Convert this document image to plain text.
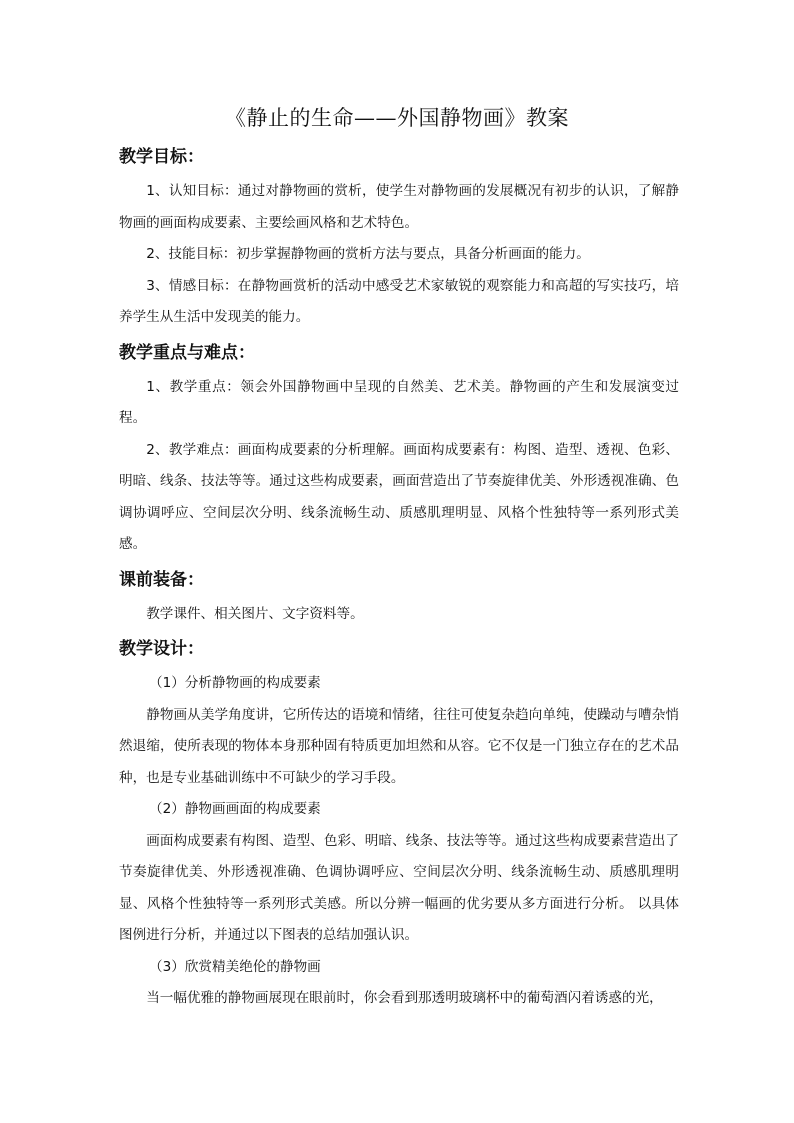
《静止的生命——外国静物画》教案
教学目标：

1、认知目标：通过对静物画的赏析，使学生对静物画的发展概况有初步的认识，了解静物画的画面构成要素、主要绘画风格和艺术特色。

2、技能目标：初步掌握静物画的赏析方法与要点，具备分析画面的能力。

3、情感目标：在静物画赏析的活动中感受艺术家敏锐的观察能力和高超的写实技巧，培养学生从生活中发现美的能力。

教学重点与难点：

1、教学重点：领会外国静物画中呈现的自然美、艺术美。静物画的产生和发展演变过程。

2、教学难点：画面构成要素的分析理解。画面构成要素有：构图、造型、透视、色彩、明暗、线条、技法等等。通过这些构成要素，画面营造出了节奏旋律优美、外形透视准确、色调协调呼应、空间层次分明、线条流畅生动、质感肌理明显、风格个性独特等一系列形式美感。

课前装备：

教学课件、相关图片、文字资料等。

教学设计：

（1）分析静物画的构成要素

静物画从美学角度讲，它所传达的语境和情绪，往往可使复杂趋向单纯，使躁动与嘈杂悄然退缩，使所表现的物体本身那种固有特质更加坦然和从容。它不仅是一门独立存在的艺术品种，也是专业基础训练中不可缺少的学习手段。

（2）静物画画面的构成要素

画面构成要素有构图、造型、色彩、明暗、线条、技法等等。通过这些构成要素营造出了节奏旋律优美、外形透视准确、色调协调呼应、空间层次分明、线条流畅生动、质感肌理明显、风格个性独特等一系列形式美感。所以分辨一幅画的优劣要从多方面进行分析。 以具体图例进行分析，并通过以下图表的总结加强认识。

（3）欣赏精美绝伦的静物画

当一幅优雅的静物画展现在眼前时，你会看到那透明玻璃杯中的葡萄酒闪着诱惑的光，
